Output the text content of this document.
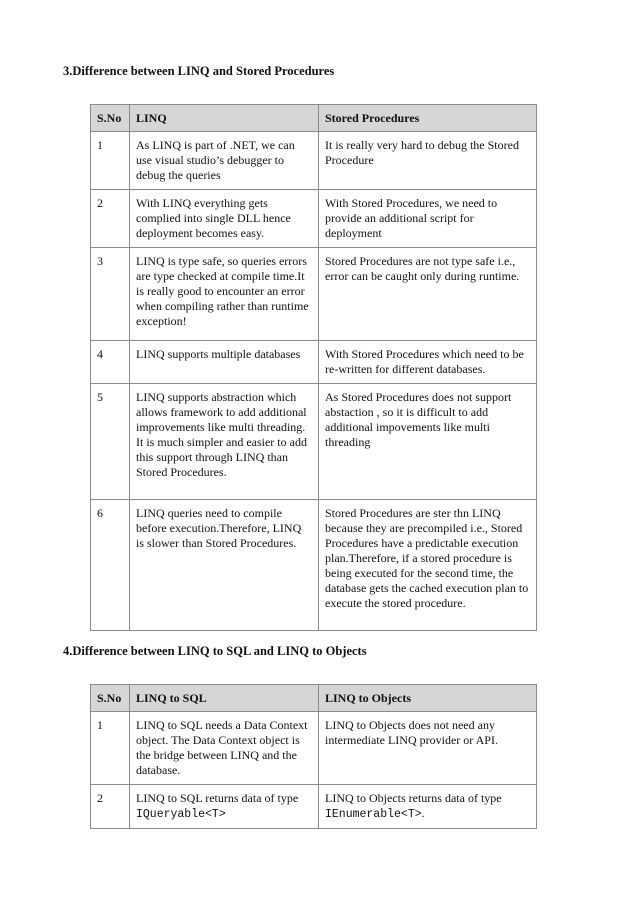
3.Difference between LINQ and Stored Procedures
S.No	LINQ	Stored Procedures
1	As LINQ is part of .NET, we can use visual studio’s debugger to debug the queries	It is really very hard to debug the Stored Procedure
2	With LINQ everything gets complied into single DLL hence deployment becomes easy.	With Stored Procedures, we need to provide an additional script for deployment
3	LINQ is type safe, so queries errors are type checked at compile time.It is really good to encounter an error when compiling rather than runtime exception!	Stored Procedures are not type safe i.e., error can be caught only during runtime.
4	LINQ supports multiple databases	With Stored Procedures which need to be re-written for different databases.
5	LINQ supports abstraction which allows framework to add additional improvements like multi threading. It is much simpler and easier to add this support through LINQ than Stored Procedures.	As Stored Procedures does not support abstaction , so it is difficult to add additional impovements like multi threading
6	LINQ queries need to compile before execution.Therefore, LINQ is slower than Stored Procedures.	Stored Procedures are ster thn LINQ because they are precompiled i.e., Stored Procedures have a predictable execution plan.Therefore, if a stored procedure is being executed for the second time, the database gets the cached execution plan to execute the stored procedure.
4.Difference between LINQ to SQL and LINQ to Objects
S.No	LINQ to SQL	LINQ to Objects
1	LINQ to SQL needs a Data Context object. The Data Context object is the bridge between LINQ and the database.	LINQ to Objects does not need any intermediate LINQ provider or API.
2	LINQ to SQL returns data of type IQueryable<T>	LINQ to Objects returns data of type IEnumerable<T>.
